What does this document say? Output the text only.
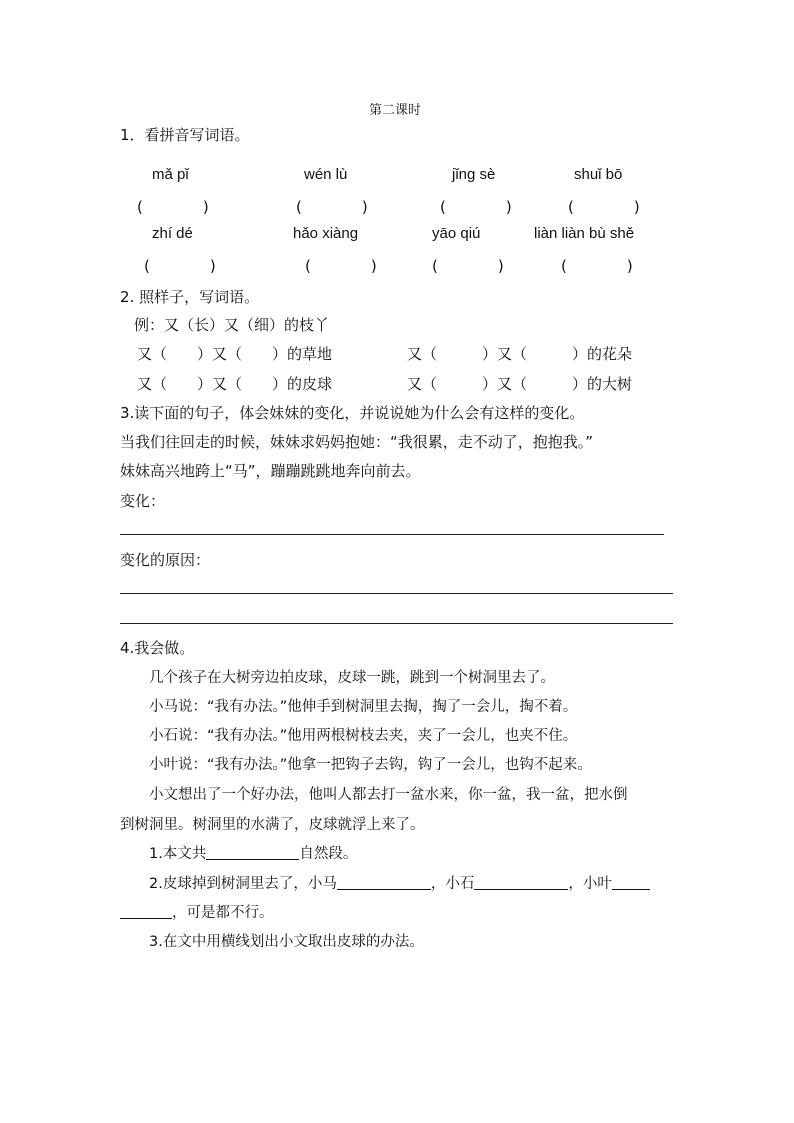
第二课时
1．看拼音写词语。
mǎ pǐ	wén lù	jǐng sè	shuǐ bō
(　　　　)	(　　　　)	(　　　　)	(　　　　)
zhí dé	hǎo xiàng	yāo qiú	liàn liàn bù shě
(　　　　)	(　　　　)	(　　　　)	(　　　　)
2. 照样子，写词语。
例：又（长）又（细）的枝丫
又（　　）又（　　）的草地	又（　　　）又（　　　）的花朵
又（　　）又（　　）的皮球	又（　　　）又（　　　）的大树
3.读下面的句子，体会妹妹的变化，并说说她为什么会有这样的变化。
当我们往回走的时候，妹妹求妈妈抱她：“我很累，走不动了，抱抱我。”
妹妹高兴地跨上“马”，蹦蹦跳跳地奔向前去。
变化：
变化的原因：
4.我会做。
几个孩子在大树旁边拍皮球，皮球一跳，跳到一个树洞里去了。
小马说：“我有办法。”他伸手到树洞里去掏，掏了一会儿，掏不着。
小石说：“我有办法。”他用两根树枝去夹，夹了一会儿，也夹不住。
小叶说：“我有办法。”他拿一把钩子去钩，钩了一会儿，也钩不起来。
小文想出了一个好办法，他叫人都去打一盆水来，你一盆，我一盆，把水倒
到树洞里。树洞里的水满了，皮球就浮上来了。
1.本文共	自然段。
2.皮球掉到树洞里去了，小马	，小石	，小叶
，可是都不行。
3.在文中用横线划出小文取出皮球的办法。
